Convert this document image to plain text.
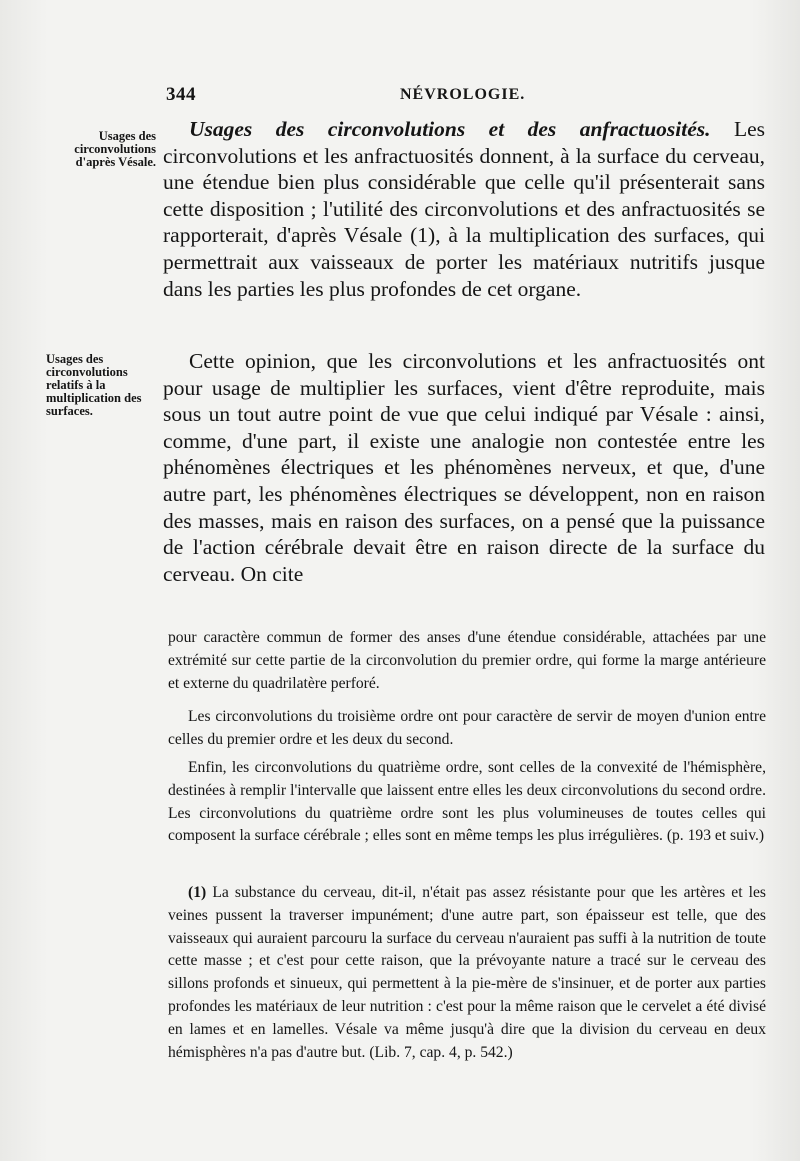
344	NÉVROLOGIE.
Usages des circonvolutions d'après Vésale.
Usages des circonvolutions relatifs à la multiplication des surfaces.

Usages des circonvolutions et des anfractuosités. Les circonvolutions et les anfractuosités donnent, à la surface du cerveau, une étendue bien plus considérable que celle qu'il présenterait sans cette disposition ; l'utilité des circonvolutions et des anfractuosités se rapporterait, d'après Vésale (1), à la multiplication des surfaces, qui permettrait aux vaisseaux de porter les matériaux nutritifs jusque dans les parties les plus profondes de cet organe.

Cette opinion, que les circonvolutions et les anfractuosités ont pour usage de multiplier les surfaces, vient d'être reproduite, mais sous un tout autre point de vue que celui indiqué par Vésale : ainsi, comme, d'une part, il existe une analogie non contestée entre les phénomènes électriques et les phénomènes nerveux, et que, d'une autre part, les phénomènes électriques se développent, non en raison des masses, mais en raison des surfaces, on a pensé que la puissance de l'action cérébrale devait être en raison directe de la surface du cerveau. On cite

pour caractère commun de former des anses d'une étendue considérable, attachées par une extrémité sur cette partie de la circonvolution du premier ordre, qui forme la marge antérieure et externe du quadrilatère perforé.

Les circonvolutions du troisième ordre ont pour caractère de servir de moyen d'union entre celles du premier ordre et les deux du second.

Enfin, les circonvolutions du quatrième ordre, sont celles de la convexité de l'hémisphère, destinées à remplir l'intervalle que laissent entre elles les deux circonvolutions du second ordre. Les circonvolutions du quatrième ordre sont les plus volumineuses de toutes celles qui composent la surface cérébrale ; elles sont en même temps les plus irrégulières. (p. 193 et suiv.)

(1) La substance du cerveau, dit-il, n'était pas assez résistante pour que les artères et les veines pussent la traverser impunément; d'une autre part, son épaisseur est telle, que des vaisseaux qui auraient parcouru la surface du cerveau n'auraient pas suffi à la nutrition de toute cette masse ; et c'est pour cette raison, que la prévoyante nature a tracé sur le cerveau des sillons profonds et sinueux, qui permettent à la pie-mère de s'insinuer, et de porter aux parties profondes les matériaux de leur nutrition : c'est pour la même raison que le cervelet a été divisé en lames et en lamelles. Vésale va même jusqu'à dire que la division du cerveau en deux hémisphères n'a pas d'autre but. (Lib. 7, cap. 4, p. 542.)
